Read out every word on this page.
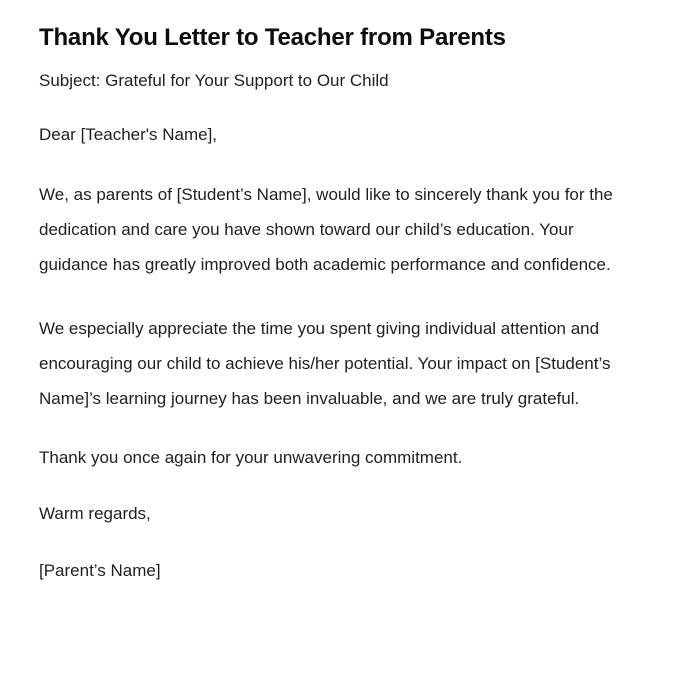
Thank You Letter to Teacher from Parents

Subject: Grateful for Your Support to Our Child

Dear [Teacher's Name],

We, as parents of [Student’s Name], would like to sincerely thank you for the dedication and care you have shown toward our child’s education. Your guidance has greatly improved both academic performance and confidence.

We especially appreciate the time you spent giving individual attention and encouraging our child to achieve his/her potential. Your impact on [Student’s Name]’s learning journey has been invaluable, and we are truly grateful.

Thank you once again for your unwavering commitment.

Warm regards,

[Parent’s Name]
